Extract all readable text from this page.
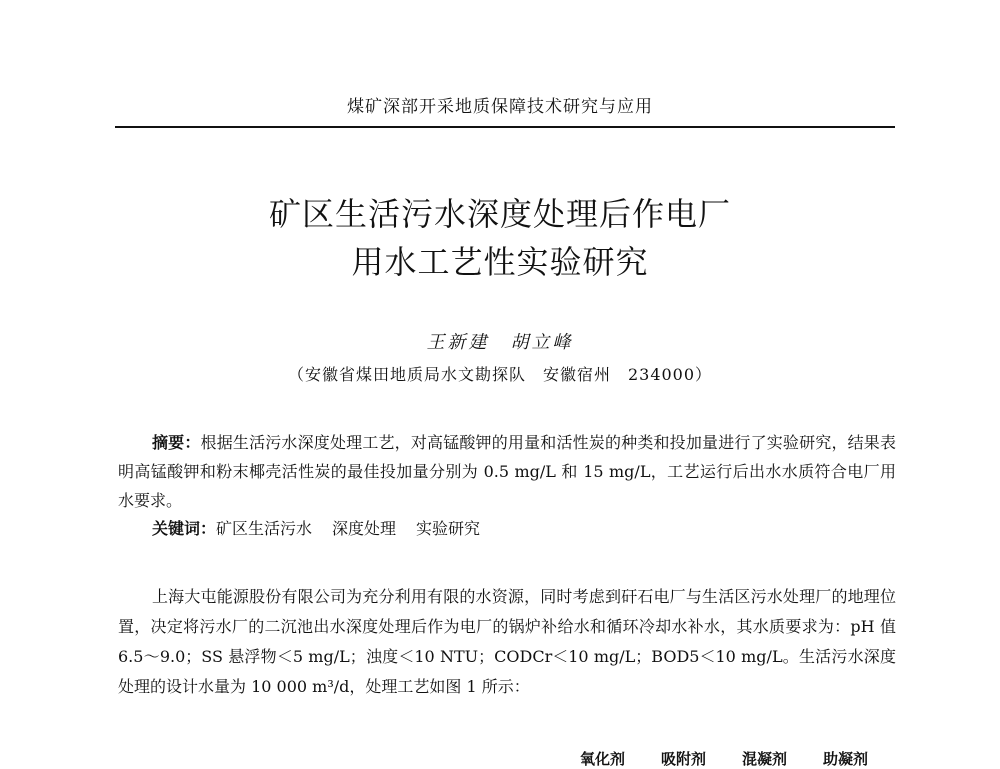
煤矿深部开采地质保障技术研究与应用
矿区生活污水深度处理后作电厂
用水工艺性实验研究
王新建　胡立峰
（安徽省煤田地质局水文勘探队　安徽宿州　234000）

摘要：根据生活污水深度处理工艺，对高锰酸钾的用量和活性炭的种类和投加量进行了实验研究，结果表明高锰酸钾和粉末椰壳活性炭的最佳投加量分别为 0.5 mg/L 和 15 mg/L，工艺运行后出水水质符合电厂用水要求。

关键词：矿区生活污水 深度处理 实验研究

上海大屯能源股份有限公司为充分利用有限的水资源，同时考虑到矸石电厂与生活区污水处理厂的地理位置，决定将污水厂的二沉池出水深度处理后作为电厂的锅炉补给水和循环冷却水补水，其水质要求为：pH 值 6.5～9.0；SS 悬浮物＜5 mg/L；浊度＜10 NTU；CODCr＜10 mg/L；BOD5＜10 mg/L。生活污水深度处理的设计水量为 10 000 m³/d，处理工艺如图 1 所示：

氧化剂 吸附剂 混凝剂 助凝剂
